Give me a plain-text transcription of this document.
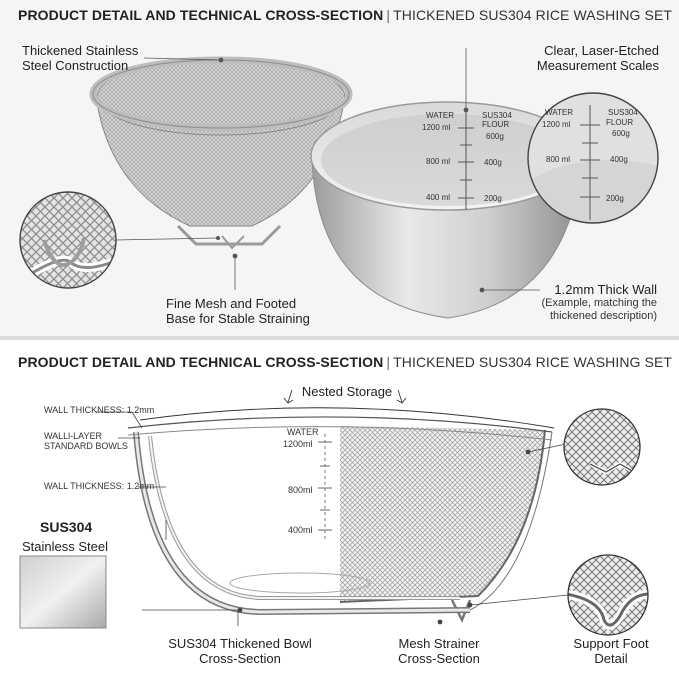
PRODUCT DETAIL AND TECHNICAL CROSS-SECTION | THICKENED SUS304 RICE WASHING SET
WATER	SUS304
FLOUR
1200 ml
800 ml
400 ml
600g
400g
200g
WATER	SUS304
FLOUR
1200 ml
800 ml
600g
400g
200g
Thickened Stainless
Steel Construction
Clear, Laser-Etched
Measurement Scales
Fine Mesh and Footed
Base for Stable Straining
1.2mm Thick Wall
(Example, matching the
thickened description)
PRODUCT DETAIL AND TECHNICAL CROSS-SECTION | THICKENED SUS304 RICE WASHING SET
Nested Storage
WALL THICKNESS: 1.2mm
WALLl-LAYER
STANDARD BOWLS
WALL THICKNESS: 1.2mm
WATER
1200ml
800ml
400ml
SUS304
Stainless Steel
SUS304 Thickened Bowl
Cross-Section
Mesh Strainer
Cross-Section
Support Foot
Detail
